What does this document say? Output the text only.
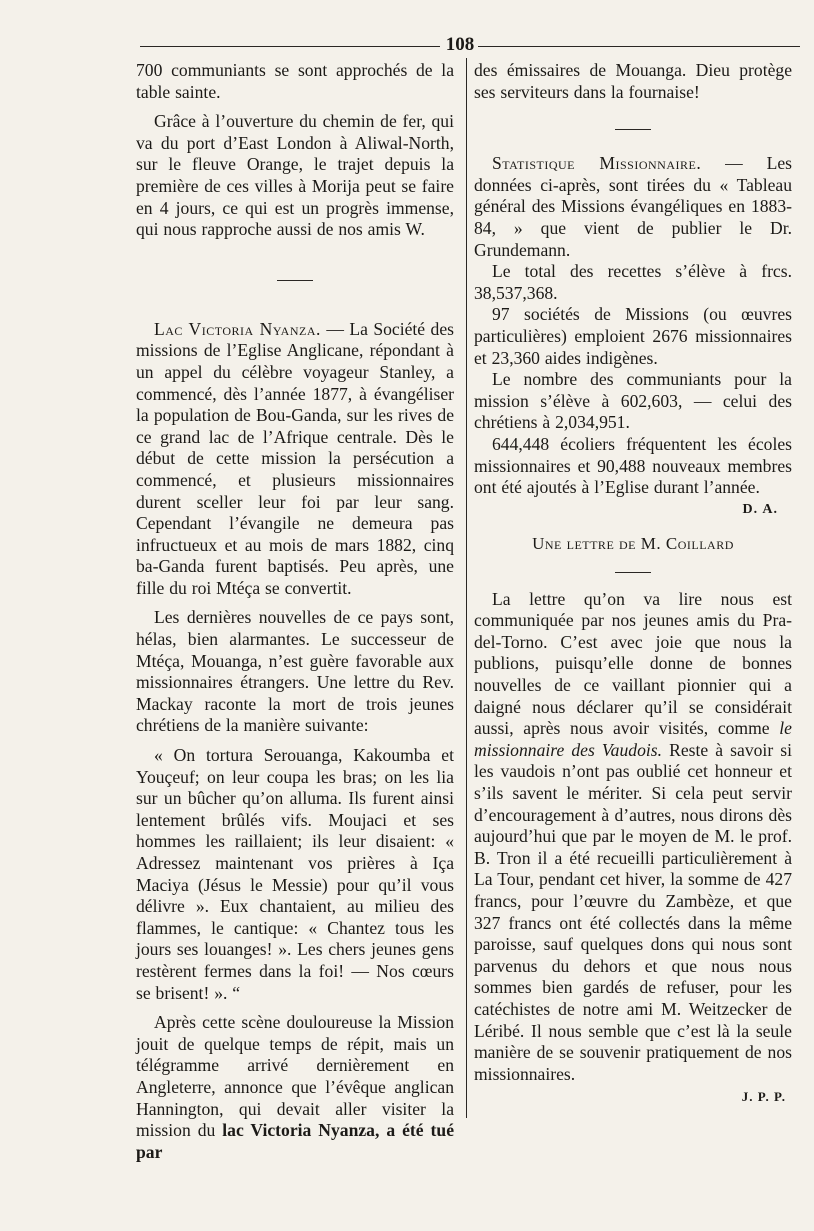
108

700 communiants se sont approchés de la table sainte.

Grâce à l’ouverture du chemin de fer, qui va du port d’East London à Aliwal-North, sur le fleuve Orange, le trajet depuis la première de ces villes à Morija peut se faire en 4 jours, ce qui est un progrès immense, qui nous rapproche aussi de nos amis W.

Lac Victoria Nyanza. — La Société des missions de l’Eglise Anglicane, répondant à un appel du célèbre voyageur Stanley, a commencé, dès l’année 1877, à évangéliser la population de Bou-Ganda, sur les rives de ce grand lac de l’Afrique centrale. Dès le début de cette mission la persécution a commencé, et plusieurs missionnaires durent sceller leur foi par leur sang. Cependant l’évangile ne demeura pas infructueux et au mois de mars 1882, cinq ba-Ganda furent baptisés. Peu après, une fille du roi Mtéça se convertit.

Les dernières nouvelles de ce pays sont, hélas, bien alarmantes. Le successeur de Mtéça, Mouanga, n’est guère favorable aux missionnaires étrangers. Une lettre du Rev. Mackay raconte la mort de trois jeunes chrétiens de la manière suivante:

« On tortura Serouanga, Kakoumba et Youçeuf; on leur coupa les bras; on les lia sur un bûcher qu’on alluma. Ils furent ainsi lentement brûlés vifs. Moujaci et ses hommes les raillaient; ils leur disaient: « Adressez maintenant vos prières à Iça Maciya (Jésus le Messie) pour qu’il vous délivre ». Eux chantaient, au milieu des flammes, le cantique: « Chantez tous les jours ses louanges! ». Les chers jeunes gens restèrent fermes dans la foi! — Nos cœurs se brisent! ». “

Après cette scène douloureuse la Mission jouit de quelque temps de répit, mais un télégramme arrivé dernièrement en Angleterre, annonce que l’évêque anglican Hannington, qui devait aller visiter la mission du lac Victoria Nyanza, a été tué par

des émissaires de Mouanga. Dieu protège ses serviteurs dans la fournaise!

Statistique Missionnaire. — Les données ci-après, sont tirées du « Tableau général des Missions évangéliques en 1883-84, » que vient de publier le Dr. Grundemann.

Le total des recettes s’élève à frcs. 38,537,368.

97 sociétés de Missions (ou œuvres particulières) emploient 2676 missionnaires et 23,360 aides indigènes.

Le nombre des communiants pour la mission s’élève à 602,603, — celui des chrétiens à 2,034,951.

644,448 écoliers fréquentent les écoles missionnaires et 90,488 nouveaux membres ont été ajoutés à l’Eglise durant l’année.
D. A.

Une lettre de M. Coillard

La lettre qu’on va lire nous est communiquée par nos jeunes amis du Pra-del-Torno. C’est avec joie que nous la publions, puisqu’elle donne de bonnes nouvelles de ce vaillant pionnier qui a daigné nous déclarer qu’il se considérait aussi, après nous avoir visités, comme le missionnaire des Vaudois. Reste à savoir si les vaudois n’ont pas oublié cet honneur et s’ils savent le mériter. Si cela peut servir d’encouragement à d’autres, nous dirons dès aujourd’hui que par le moyen de M. le prof. B. Tron il a été recueilli particulièrement à La Tour, pendant cet hiver, la somme de 427 francs, pour l’œuvre du Zambèze, et que 327 francs ont été collectés dans la même paroisse, sauf quelques dons qui nous sont parvenus du dehors et que nous nous sommes bien gardés de refuser, pour les catéchistes de notre ami M. Weitzecker de Léribé. Il nous semble que c’est là la seule manière de se souvenir pratiquement de nos missionnaires.

J. P. P.
